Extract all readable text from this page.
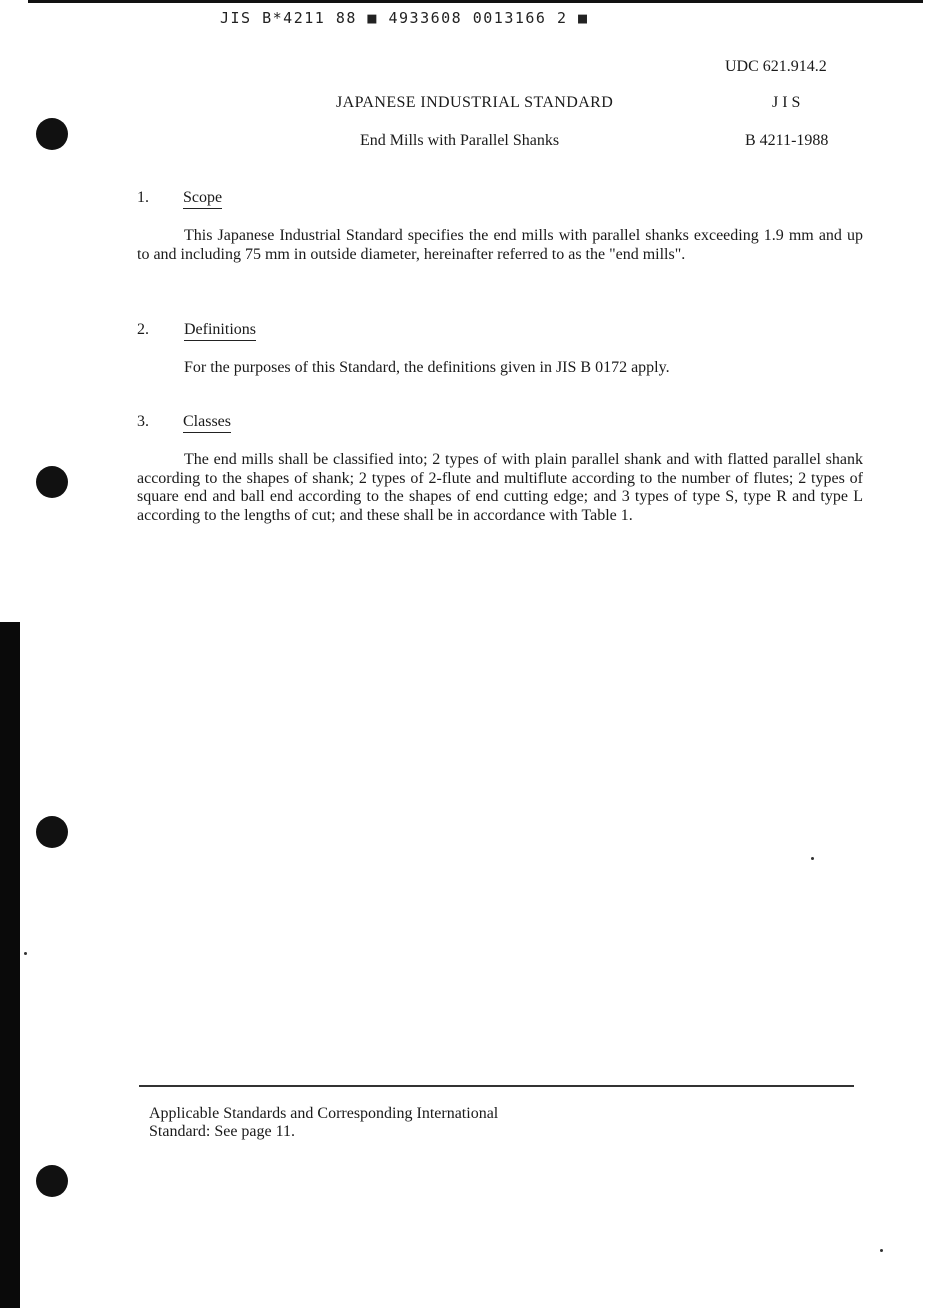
JIS B*4211 88 ■ 4933608 0013166 2 ■
UDC 621.914.2
JAPANESE INDUSTRIAL STANDARD	J I S
End Mills with Parallel Shanks	B 4211-1988
1. Scope

This Japanese Industrial Standard specifies the end mills with parallel shanks exceeding 1.9 mm and up to and including 75 mm in outside diameter, hereinafter referred to as the "end mills".

2. Definitions
For the purposes of this Standard, the definitions given in JIS B 0172 apply.
3. Classes

The end mills shall be classified into; 2 types of with plain parallel shank and with flatted parallel shank according to the shapes of shank; 2 types of 2-flute and multiflute according to the number of flutes; 2 types of square end and ball end according to the shapes of end cutting edge; and 3 types of type S, type R and type L according to the lengths of cut; and these shall be in accordance with Table 1.

Applicable Standards and Corresponding International
Standard: See page 11.
